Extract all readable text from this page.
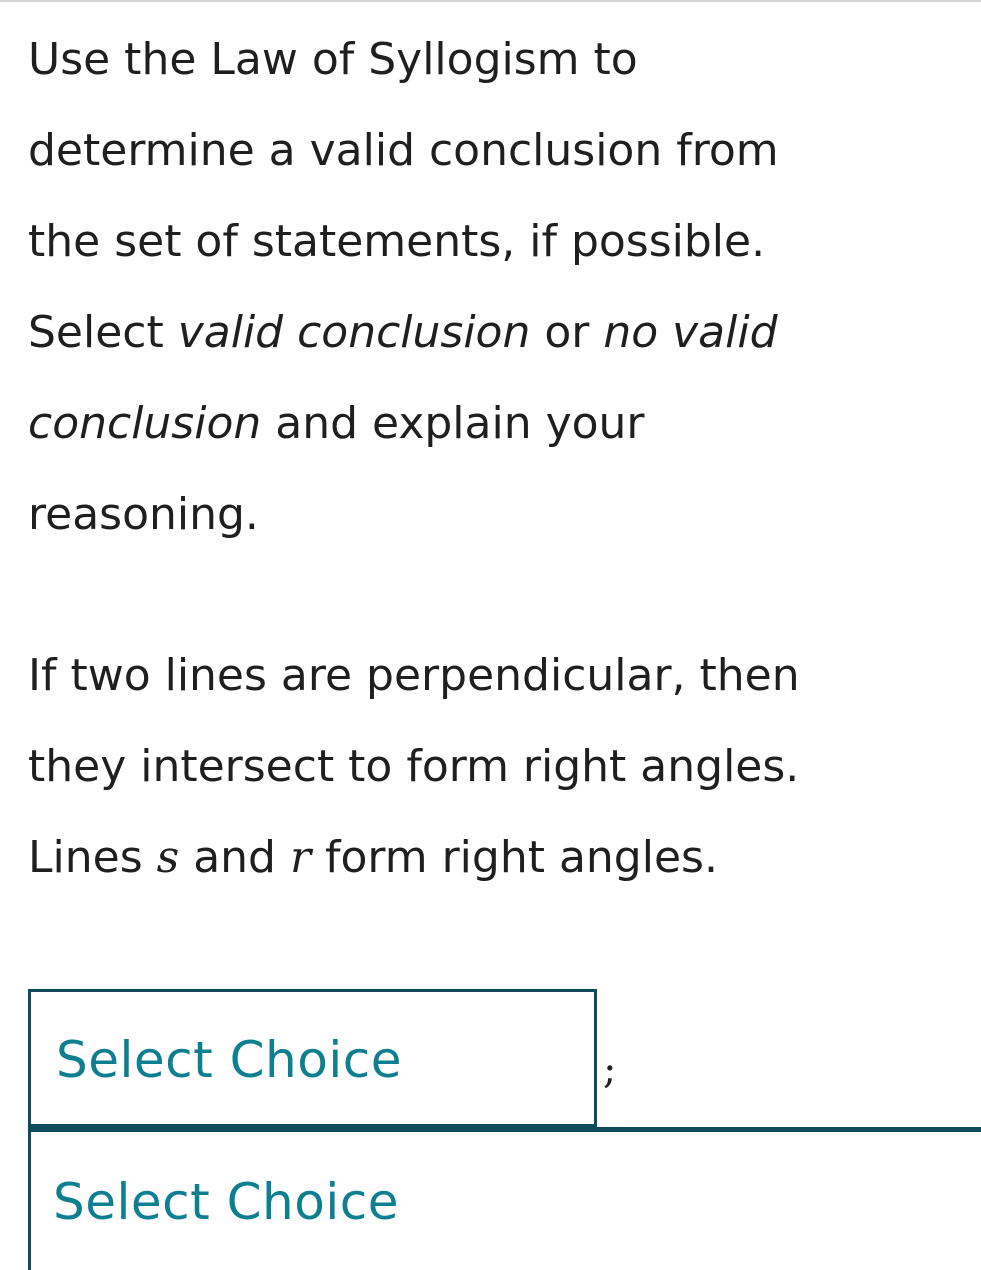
Use the Law of Syllogism to
determine a valid conclusion from
the set of statements, if possible.
Select valid conclusion or no valid
conclusion and explain your
reasoning.

If two lines are perpendicular, then
they intersect to form right angles.
Lines s and r form right angles.

Select Choice	;
Select Choice
